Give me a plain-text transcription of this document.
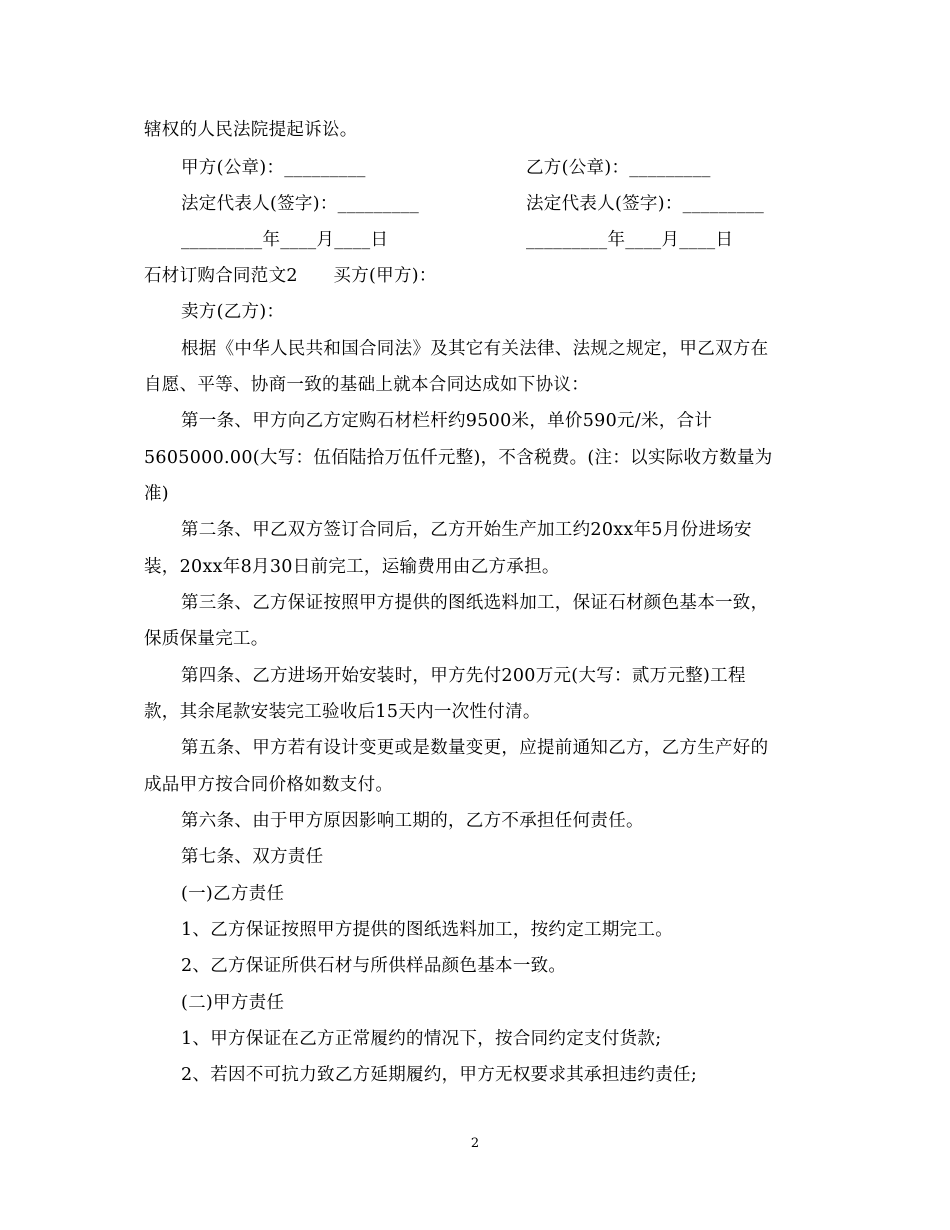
辖权的人民法院提起诉讼。
甲方(公章)：_________	乙方(公章)：_________
法定代表人(签字)：_________	法定代表人(签字)：_________
_________年____月____日	_________年____月____日
石材订购合同范文2　　买方(甲方)：
卖方(乙方)：
根据《中华人民共和国合同法》及其它有关法律、法规之规定，甲乙双方在
自愿、平等、协商一致的基础上就本合同达成如下协议：
第一条、甲方向乙方定购石材栏杆约9500米，单价590元/米，合计
5605000.00(大写：伍佰陆拾万伍仟元整)，不含税费。(注：以实际收方数量为
准)
第二条、甲乙双方签订合同后，乙方开始生产加工约20xx年5月份进场安
装，20xx年8月30日前完工，运输费用由乙方承担。
第三条、乙方保证按照甲方提供的图纸选料加工，保证石材颜色基本一致，
保质保量完工。
第四条、乙方进场开始安装时，甲方先付200万元(大写：贰万元整)工程
款，其余尾款安装完工验收后15天内一次性付清。
第五条、甲方若有设计变更或是数量变更，应提前通知乙方，乙方生产好的
成品甲方按合同价格如数支付。
第六条、由于甲方原因影响工期的，乙方不承担任何责任。
第七条、双方责任
(一)乙方责任
1、乙方保证按照甲方提供的图纸选料加工，按约定工期完工。
2、乙方保证所供石材与所供样品颜色基本一致。
(二)甲方责任
1、甲方保证在乙方正常履约的情况下，按合同约定支付货款;
2、若因不可抗力致乙方延期履约，甲方无权要求其承担违约责任;
2
